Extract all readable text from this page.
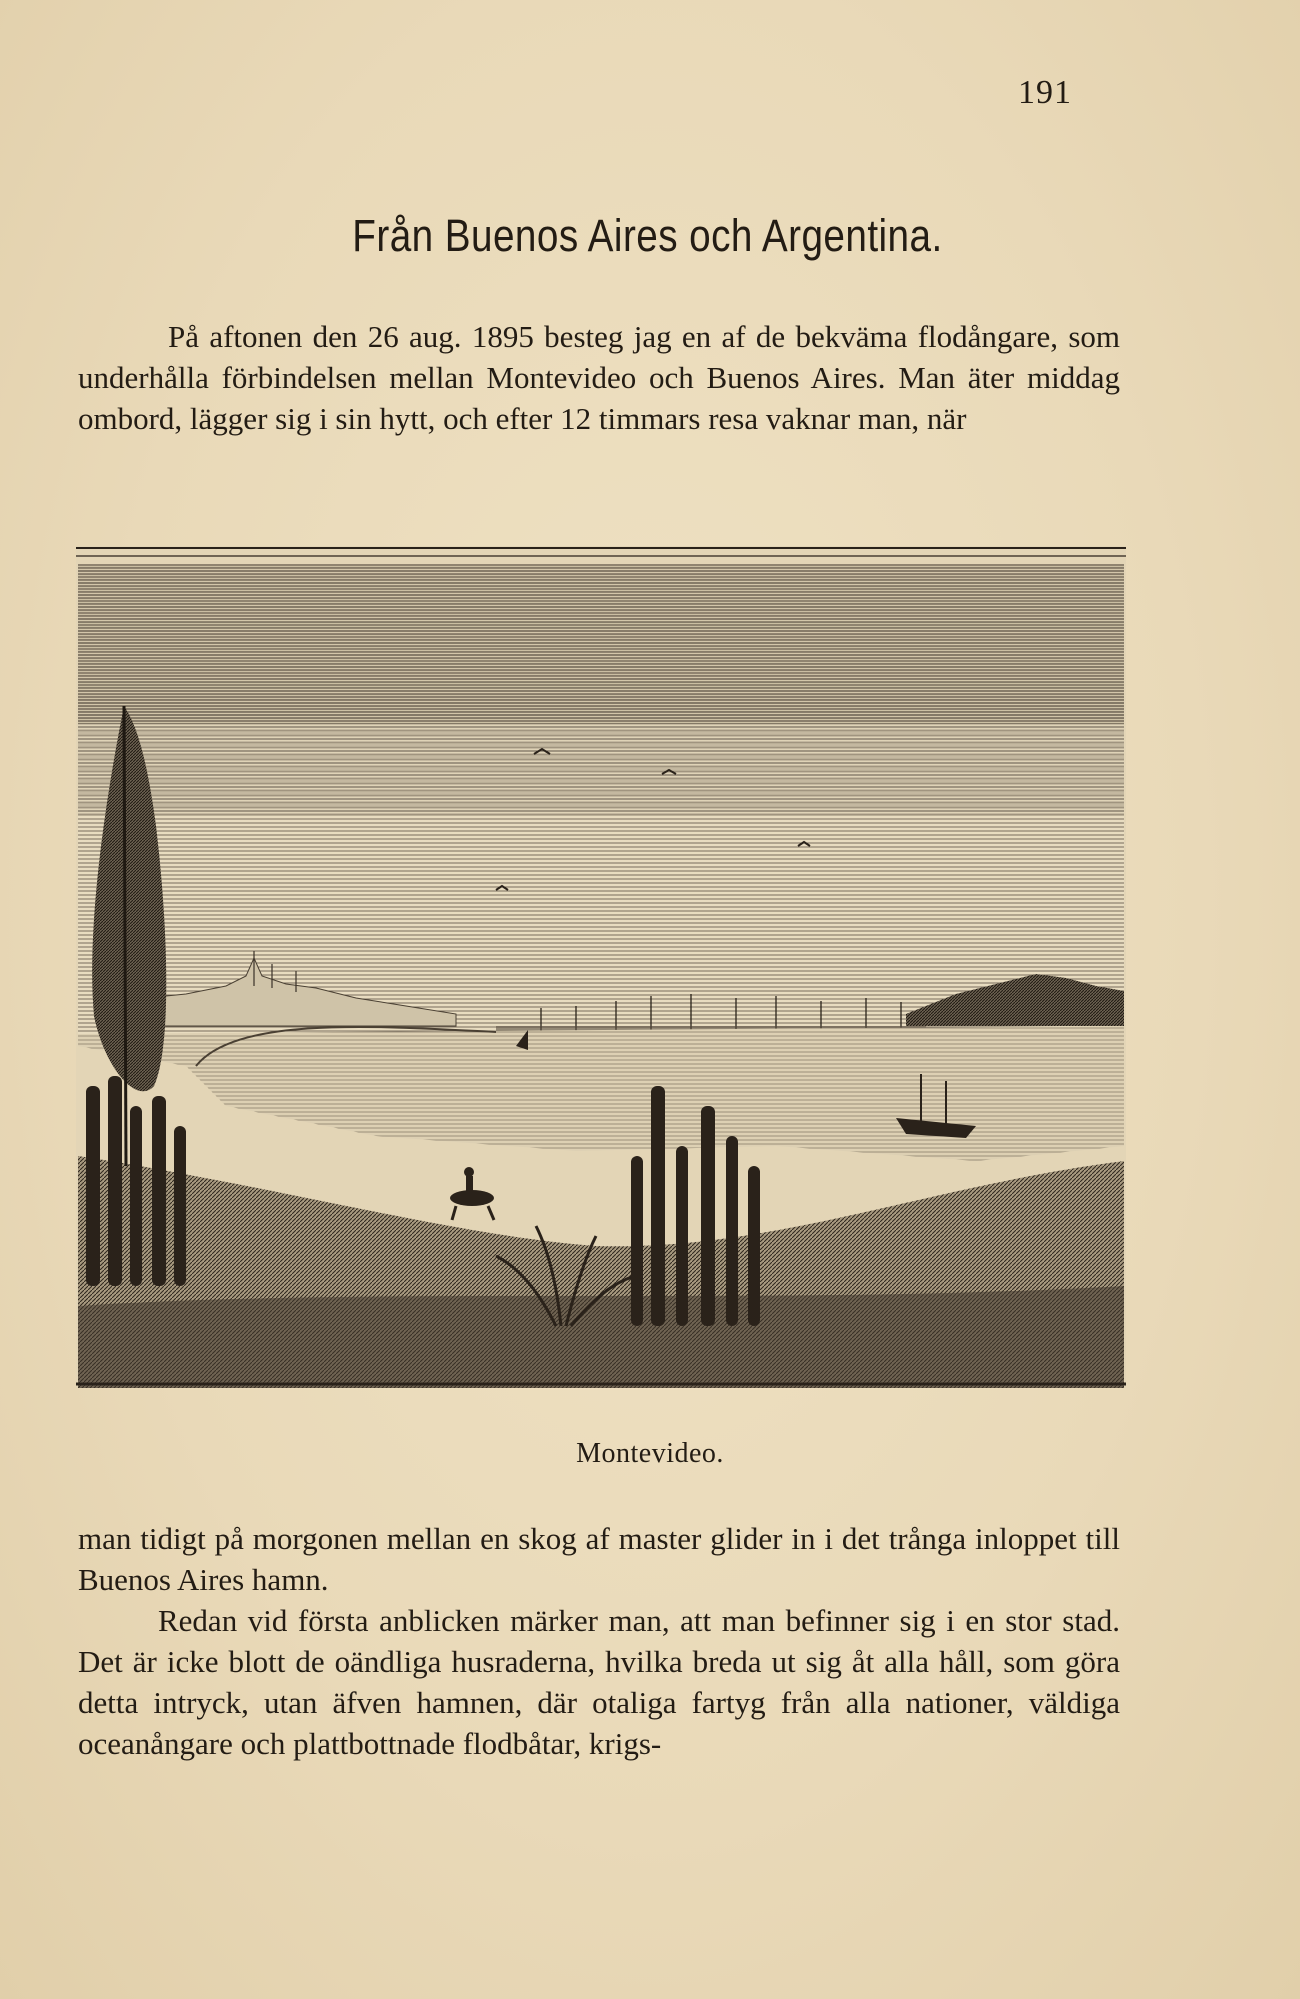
191
Från Buenos Aires och Argentina.

På aftonen den 26 aug. 1895 besteg jag en af de bekväma flodångare, som underhålla förbindelsen mellan Montevideo och Buenos Aires. Man äter middag ombord, lägger sig i sin hytt, och efter 12 timmars resa vaknar man, när

Montevideo.

man tidigt på morgonen mellan en skog af master glider in i det trånga inloppet till Buenos Aires hamn.

Redan vid första anblicken märker man, att man befinner sig i en stor stad. Det är icke blott de oändliga husraderna, hvilka breda ut sig åt alla håll, som göra detta intryck, utan äfven hamnen, där otaliga fartyg från alla nationer, väldiga oceanångare och plattbottnade flodbåtar, krigs-
